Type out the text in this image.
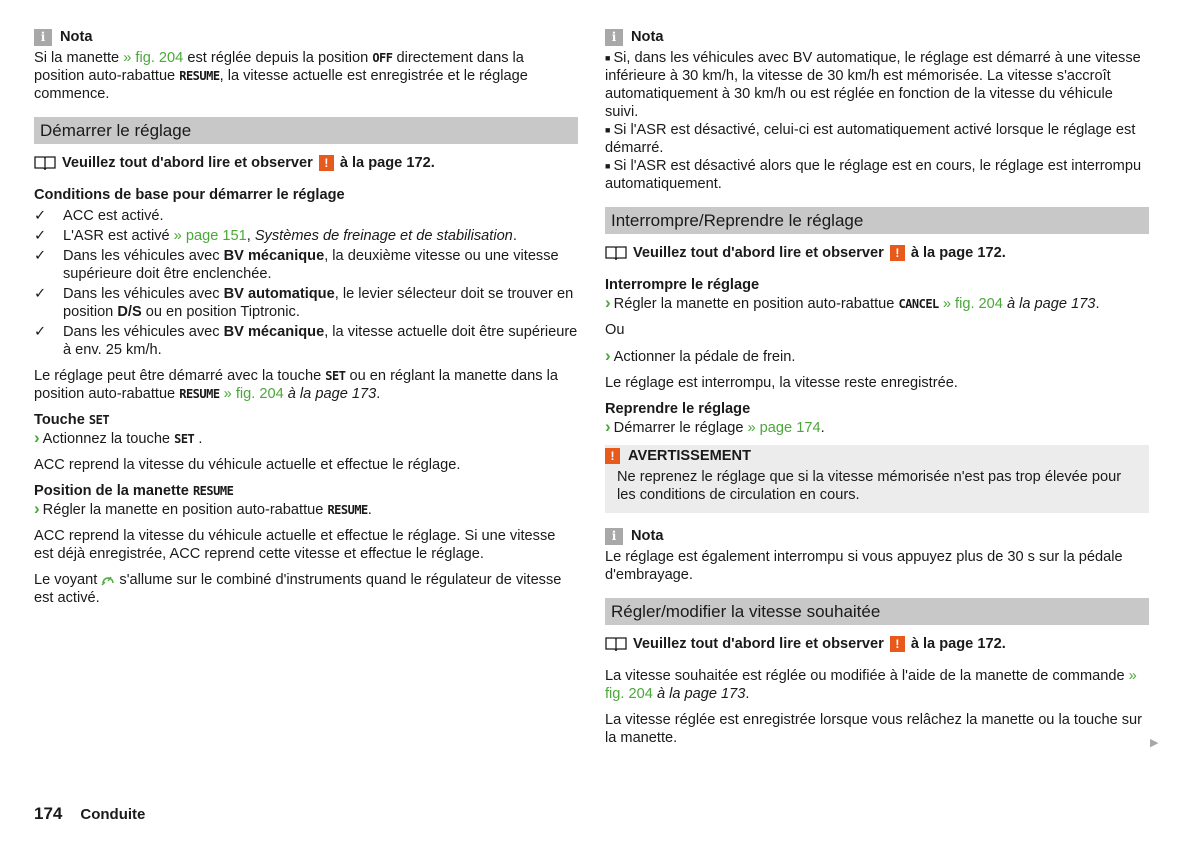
i	Nota

Si la manette » fig. 204 est réglée depuis la position OFF directement dans la position auto-rabattue RESUME, la vitesse actuelle est enregistrée et le réglage commence.

Démarrer le réglage
Veuillez tout d'abord lire et observer ! à la page 172.

Conditions de base pour démarrer le réglage

✓ ACC est activé.
✓ L'ASR est activé » page 151, Systèmes de freinage et de stabilisation.
✓ Dans les véhicules avec BV mécanique, la deuxième vitesse ou une vitesse supérieure doit être enclenchée.
✓ Dans les véhicules avec BV automatique, le levier sélecteur doit se trouver en position D/S ou en position Tiptronic.
✓ Dans les véhicules avec BV mécanique, la vitesse actuelle doit être supérieure à env. 25 km/h.

Le réglage peut être démarré avec la touche SET ou en réglant la manette dans la position auto-rabattue RESUME » fig. 204 à la page 173.

Touche SET
› Actionnez la touche SET .

ACC reprend la vitesse du véhicule actuelle et effectue le réglage.

Position de la manette RESUME
› Régler la manette en position auto-rabattue RESUME.

ACC reprend la vitesse du véhicule actuelle et effectue le réglage. Si une vitesse est déjà enregistrée, ACC reprend cette vitesse et effectue le réglage.

Le voyant  s'allume sur le combiné d'instruments quand le régulateur de vitesse est activé.

i	Nota
■ Si, dans les véhicules avec BV automatique, le réglage est démarré à une vitesse inférieure à 30 km/h, la vitesse de 30 km/h est mémorisée. La vitesse s'accroît automatiquement à 30 km/h ou est réglée en fonction de la vitesse du véhicule suivi.
■ Si l'ASR est désactivé, celui-ci est automatiquement activé lorsque le réglage est démarré.
■ Si l'ASR est désactivé alors que le réglage est en cours, le réglage est interrompu automatiquement.
Interrompre/Reprendre le réglage
Veuillez tout d'abord lire et observer ! à la page 172.
Interrompre le réglage
› Régler la manette en position auto-rabattue CANCEL » fig. 204 à la page 173.

Ou

› Actionner la pédale de frein.

Le réglage est interrompu, la vitesse reste enregistrée.

Reprendre le réglage
› Démarrer le réglage » page 174.
! AVERTISSEMENT
Ne reprenez le réglage que si la vitesse mémorisée n'est pas trop élevée pour les conditions de circulation en cours.
i	Nota

Le réglage est également interrompu si vous appuyez plus de 30 s sur la pédale d'embrayage.

Régler/modifier la vitesse souhaitée
Veuillez tout d'abord lire et observer ! à la page 172.

La vitesse souhaitée est réglée ou modifiée à l'aide de la manette de commande » fig. 204 à la page 173.

La vitesse réglée est enregistrée lorsque vous relâchez la manette ou la touche sur la manette.	▶
174 Conduite
